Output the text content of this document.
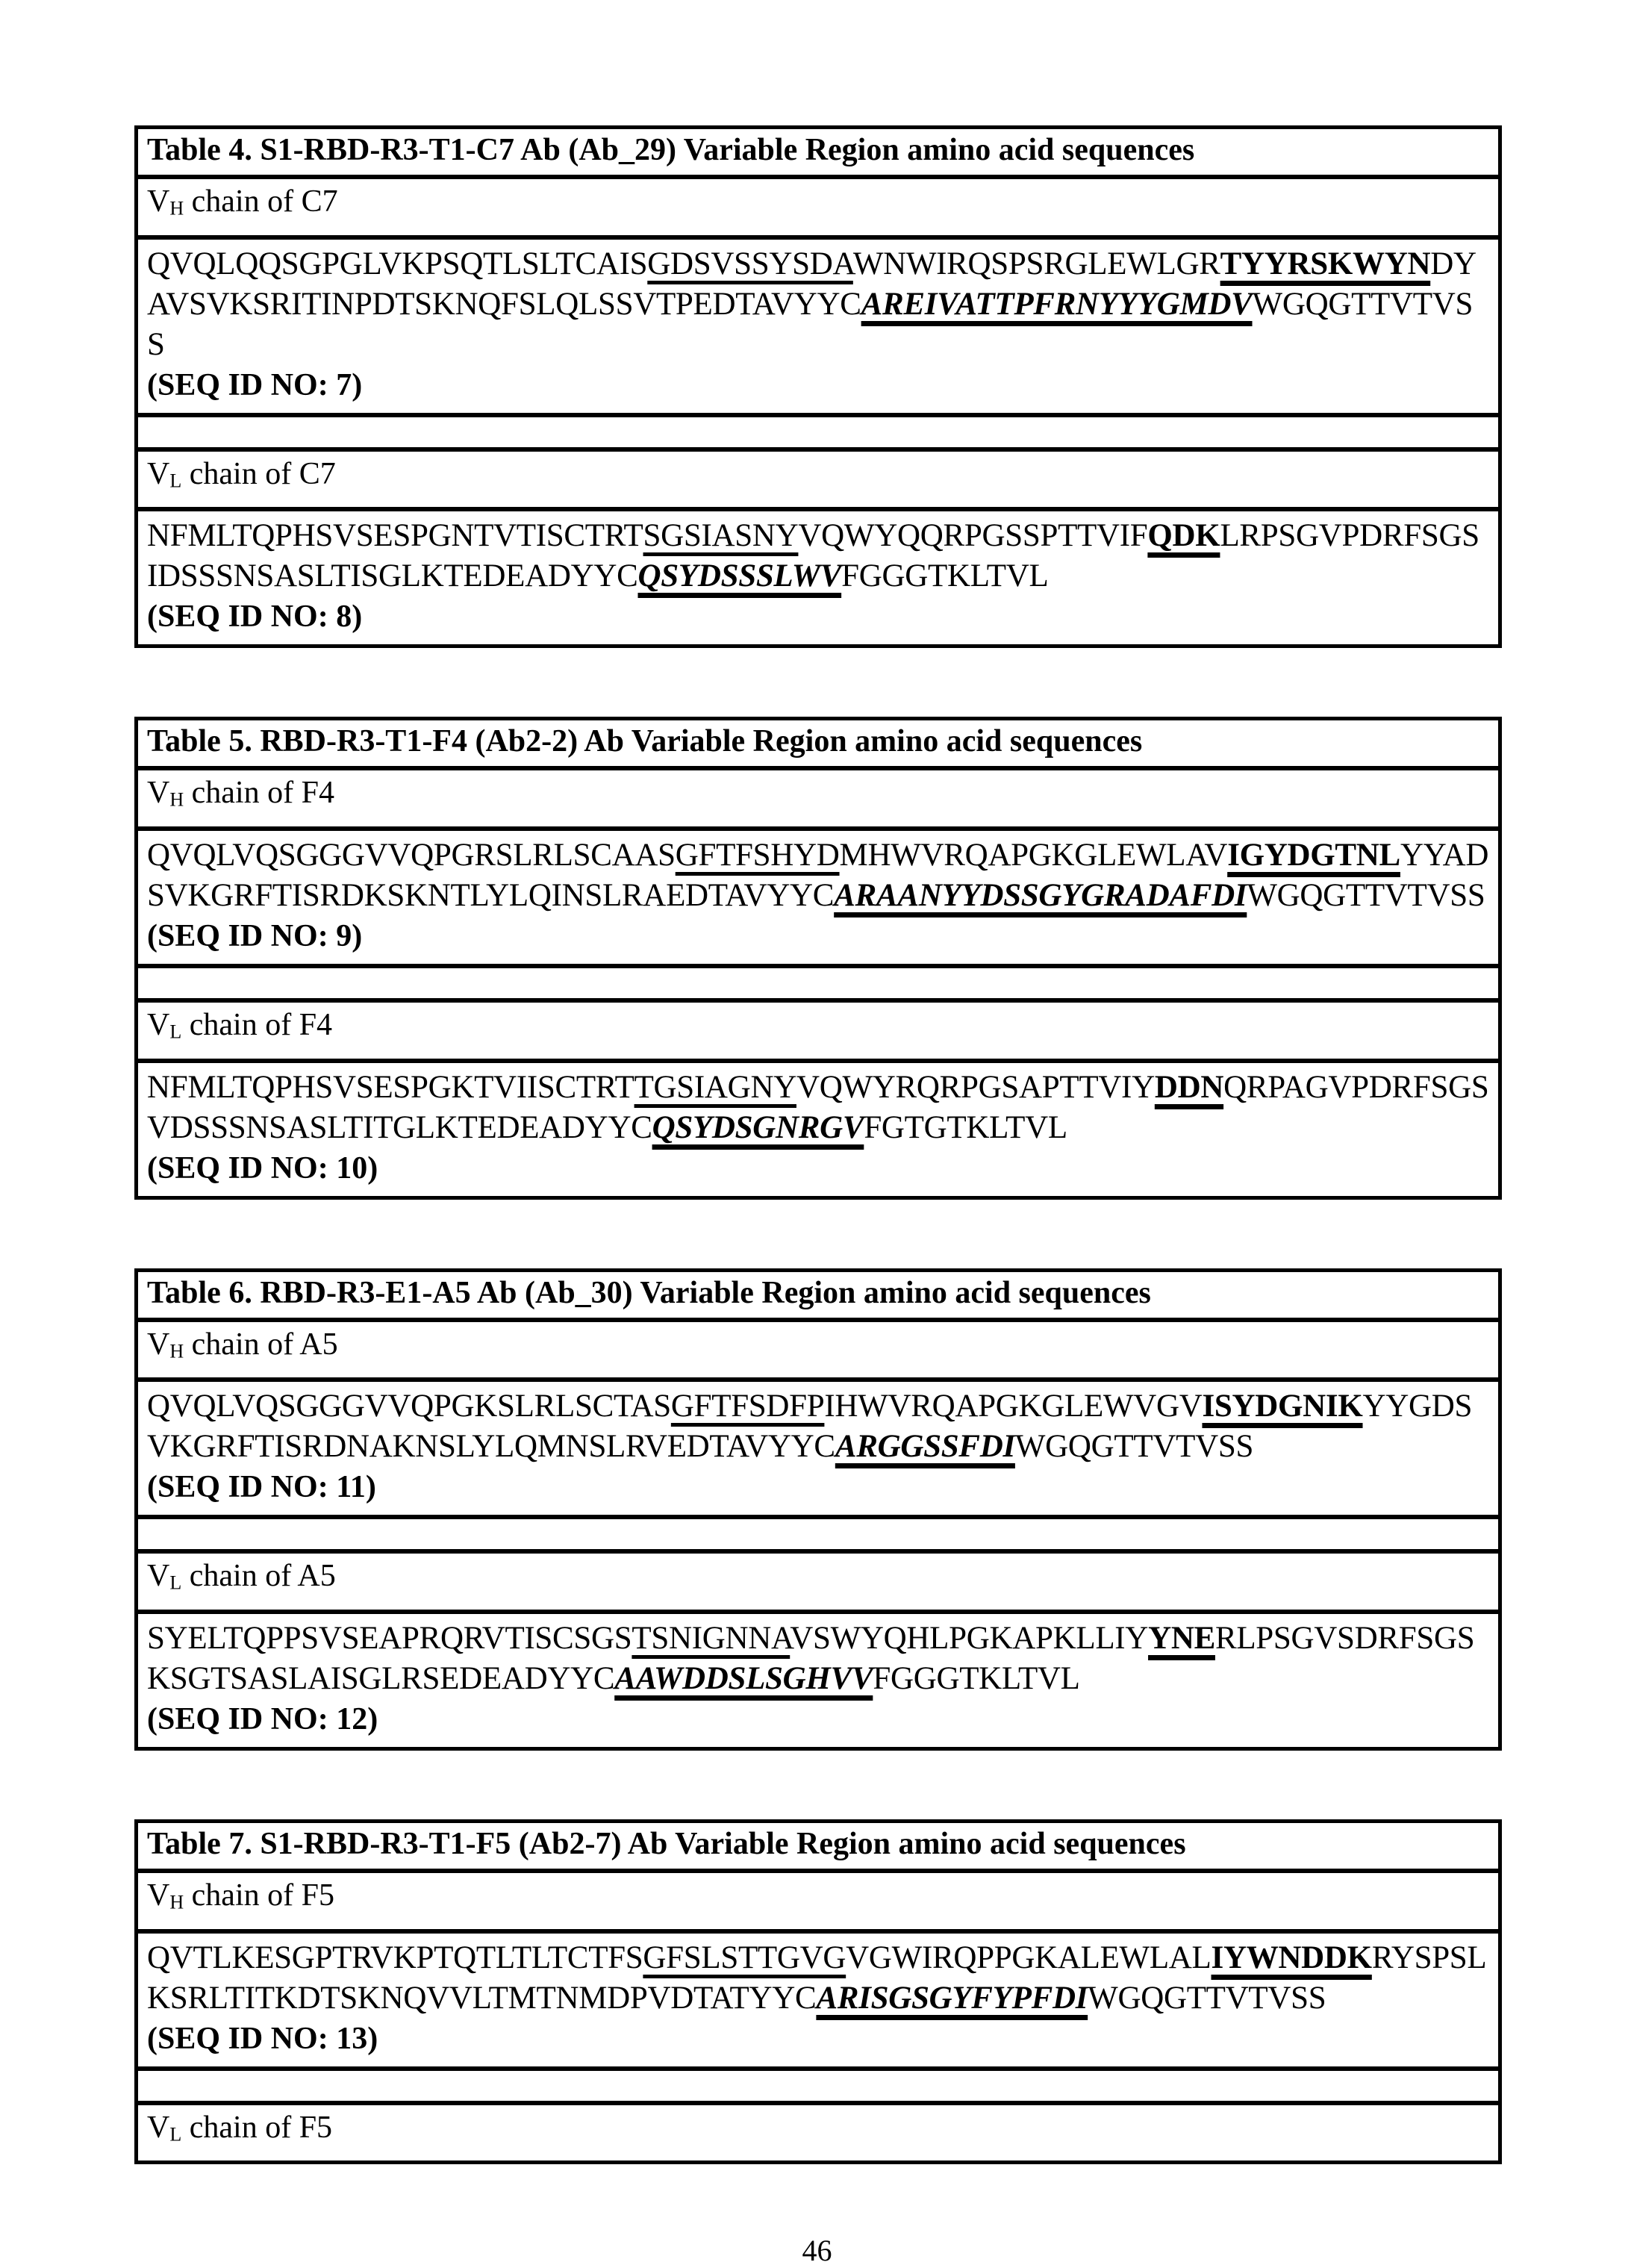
Table 4. S1-RBD-R3-T1-C7 Ab (Ab_29) Variable Region amino acid sequences
VH chain of C7
QVQLQQSGPGLVKPSQTLSLTCAISGDSVSSYSDAWNWIRQSPSRGLEWLGRTYYRSKWYNDYAVSVKSRITINPDTSKNQFSLQLSSVTPEDTAVYYCAREIVATTPFRNYYYGMDVWGQGTTVTVSS
(SEQ ID NO: 7)
VL chain of C7
NFMLTQPHSVSESPGNTVTISCTRTSGSIASNYVQWYQQRPGSSPTTVIFQDKLRPSGVPDRFSGSIDSSSNSASLTISGLKTEDEADYYCQSYDSSSLWVFGGGTKLTVL
(SEQ ID NO: 8)
Table 5. RBD-R3-T1-F4 (Ab2-2) Ab Variable Region amino acid sequences
VH chain of F4
QVQLVQSGGGVVQPGRSLRLSCAASGFTFSHYDMHWVRQAPGKGLEWLAVIGYDGTNLYYADSVKGRFTISRDKSKNTLYLQINSLRAEDTAVYYCARAANYYDSSGYGRADAFDIWGQGTTVTVSS
(SEQ ID NO: 9)
VL chain of F4
NFMLTQPHSVSESPGKTVIISCTRTTGSIAGNYVQWYRQRPGSAPTTVIYDDNQRPAGVPDRFSGSVDSSSNSASLTITGLKTEDEADYYCQSYDSGNRGVFGTGTKLTVL
(SEQ ID NO: 10)
Table 6. RBD-R3-E1-A5 Ab (Ab_30) Variable Region amino acid sequences
VH chain of A5
QVQLVQSGGGVVQPGKSLRLSCTASGFTFSDFPIHWVRQAPGKGLEWVGVISYDGNIKYYGDSVKGRFTISRDNAKNSLYLQMNSLRVEDTAVYYCARGGSSFDIWGQGTTVTVSS
(SEQ ID NO: 11)
VL chain of A5
SYELTQPPSVSEAPRQRVTISCSGSTSNIGNNAVSWYQHLPGKAPKLLIYYNERLPSGVSDRFSGSKSGTSASLAISGLRSEDEADYYCAAWDDSLSGHVVFGGGTKLTVL
(SEQ ID NO: 12)
Table 7. S1-RBD-R3-T1-F5 (Ab2-7) Ab Variable Region amino acid sequences
VH chain of F5
QVTLKESGPTRVKPTQTLTLTCTFSGFSLSTTGVGVGWIRQPPGKALEWLALIYWNDDKRYSPSLKSRLTITKDTSKNQVVLTMTNMDPVDTATYYCARISGSGYFYPFDIWGQGTTVTVSS
(SEQ ID NO: 13)
VL chain of F5
46
